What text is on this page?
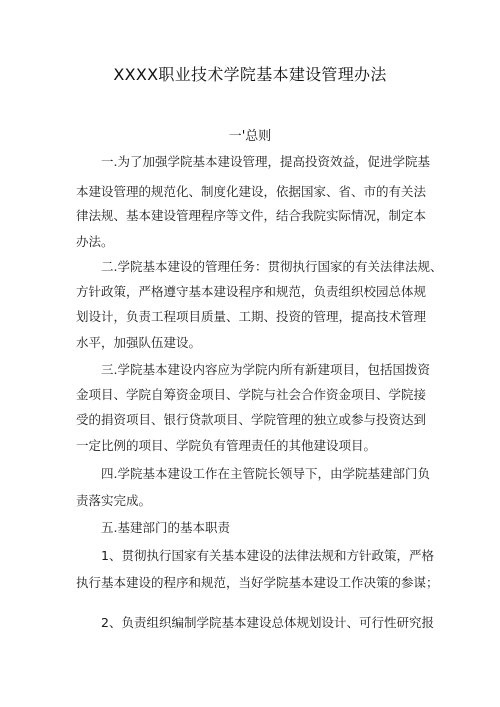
XXXX职业技术学院基本建设管理办法
一'总则
一.为了加强学院基本建设管理，提高投资效益，促进学院基
本建设管理的规范化、制度化建设，依据国家、省、市的有关法
律法规、基本建设管理程序等文件，结合我院实际情况，制定本
办法。
二.学院基本建设的管理任务：贯彻执行国家的有关法律法规、
方针政策，严格遵守基本建设程序和规范，负责组织校园总体规
划设计，负责工程项目质量、工期、投资的管理，提高技术管理
水平，加强队伍建设。
三.学院基本建设内容应为学院内所有新建项目，包括国拨资
金项目、学院自筹资金项目、学院与社会合作资金项目、学院接
受的捐资项目、银行贷款项目、学院管理的独立或参与投资达到
一定比例的项目、学院负有管理责任的其他建设项目。
四.学院基本建设工作在主管院长领导下，由学院基建部门负
责落实完成。
五.基建部门的基本职责
1、贯彻执行国家有关基本建设的法律法规和方针政策，严格
执行基本建设的程序和规范，当好学院基本建设工作决策的参谋；
2、负责组织编制学院基本建设总体规划设计、可行性研究报
